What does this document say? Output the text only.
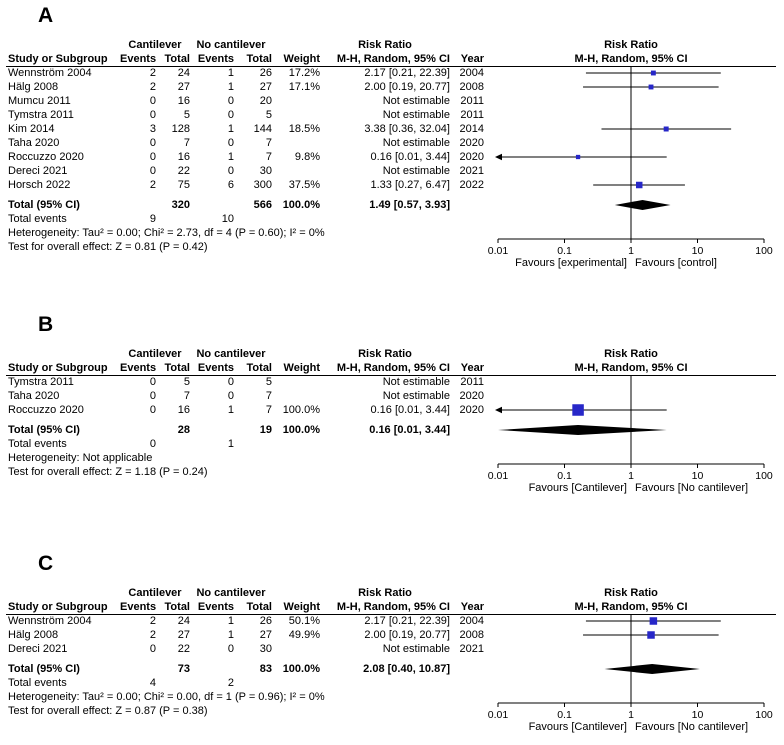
A
Cantilever	No cantilever	Risk Ratio
Study or Subgroup	Events Total Events	Total	Weight	M-H, Random, 95% CI Year
Wennström 2004	2	24	1	26	17.2%	2.17 [0.21, 22.39] 2004
Hälg 2008	2	27	1	27	17.1%	2.00 [0.19, 20.77] 2008
Mumcu 2011	0	16	0	20	Not estimable 2011
Tymstra 2011	0	5	0	5	Not estimable 2011
Kim 2014	3	128	1	144	18.5%	3.38 [0.36, 32.04] 2014
Taha 2020	0	7	0	7	Not estimable 2020
Roccuzzo 2020	0	16	1	7	9.8%	0.16 [0.01, 3.44] 2020
Dereci 2021	0	22	0	30	Not estimable 2021
Horsch 2022	2	75	6	300	37.5%	1.33 [0.27, 6.47] 2022
Total (95% CI)	320	566 100.0%	1.49 [0.57, 3.93]
Total events	9	10
Heterogeneity: Tau² = 0.00; Chi² = 2.73, df = 4 (P = 0.60); I² = 0%
Test for overall effect: Z = 0.81 (P = 0.42)
Risk Ratio
M-H, Random, 95% CI
0.01	0.1	1	10	100
Favours [experimental] Favours [control]
B
Cantilever	No cantilever	Risk Ratio
Study or Subgroup	Events Total Events	Total	Weight	M-H, Random, 95% CI Year
Tymstra 2011	0	5	0	5	Not estimable 2011
Taha 2020	0	7	0	7	Not estimable 2020
Roccuzzo 2020	0	16	1	7 100.0%	0.16 [0.01, 3.44] 2020
Total (95% CI)	28	19 100.0%	0.16 [0.01, 3.44]
Total events	0	1
Heterogeneity: Not applicable
Test for overall effect: Z = 1.18 (P = 0.24)
Risk Ratio
M-H, Random, 95% CI
0.01	0.1	1	10	100
Favours [Cantilever] Favours [No cantilever]
C
Cantilever	No cantilever	Risk Ratio
Study or Subgroup	Events Total Events	Total	Weight	M-H, Random, 95% CI Year
Wennström 2004	2	24	1	26	50.1%	2.17 [0.21, 22.39] 2004
Hälg 2008	2	27	1	27	49.9%	2.00 [0.19, 20.77] 2008
Dereci 2021	0	22	0	30	Not estimable 2021
Total (95% CI)	73	83 100.0%	2.08 [0.40, 10.87]
Total events	4	2
Heterogeneity: Tau² = 0.00; Chi² = 0.00, df = 1 (P = 0.96); I² = 0%
Test for overall effect: Z = 0.87 (P = 0.38)
Risk Ratio
M-H, Random, 95% CI
0.01	0.1	1	10	100
Favours [Cantilever] Favours [No cantilever]
